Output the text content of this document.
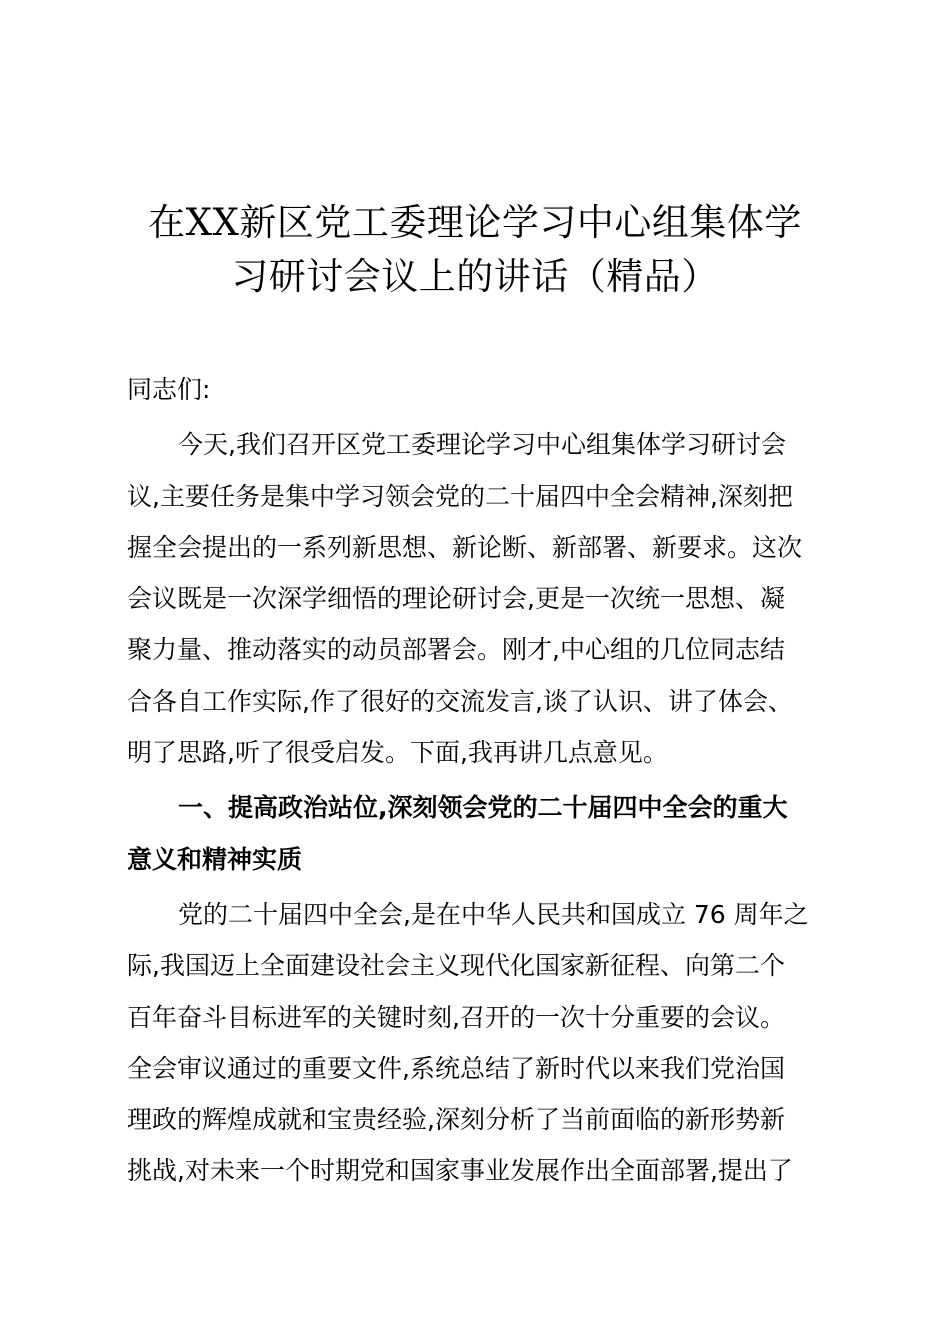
在XX新区党工委理论学习中心组集体学
习研讨会议上的讲话（精品）
同志们:
今天,我们召开区党工委理论学习中心组集体学习研讨会
议,主要任务是集中学习领会党的二十届四中全会精神,深刻把
握全会提出的一系列新思想、新论断、新部署、新要求。这次
会议既是一次深学细悟的理论研讨会,更是一次统一思想、凝
聚力量、推动落实的动员部署会。刚才,中心组的几位同志结
合各自工作实际,作了很好的交流发言,谈了认识、讲了体会、
明了思路,听了很受启发。下面,我再讲几点意见。
一、提高政治站位,深刻领会党的二十届四中全会的重大
意义和精神实质
党的二十届四中全会,是在中华人民共和国成立 76 周年之
际,我国迈上全面建设社会主义现代化国家新征程、向第二个
百年奋斗目标进军的关键时刻,召开的一次十分重要的会议。
全会审议通过的重要文件,系统总结了新时代以来我们党治国
理政的辉煌成就和宝贵经验,深刻分析了当前面临的新形势新
挑战,对未来一个时期党和国家事业发展作出全面部署,提出了
